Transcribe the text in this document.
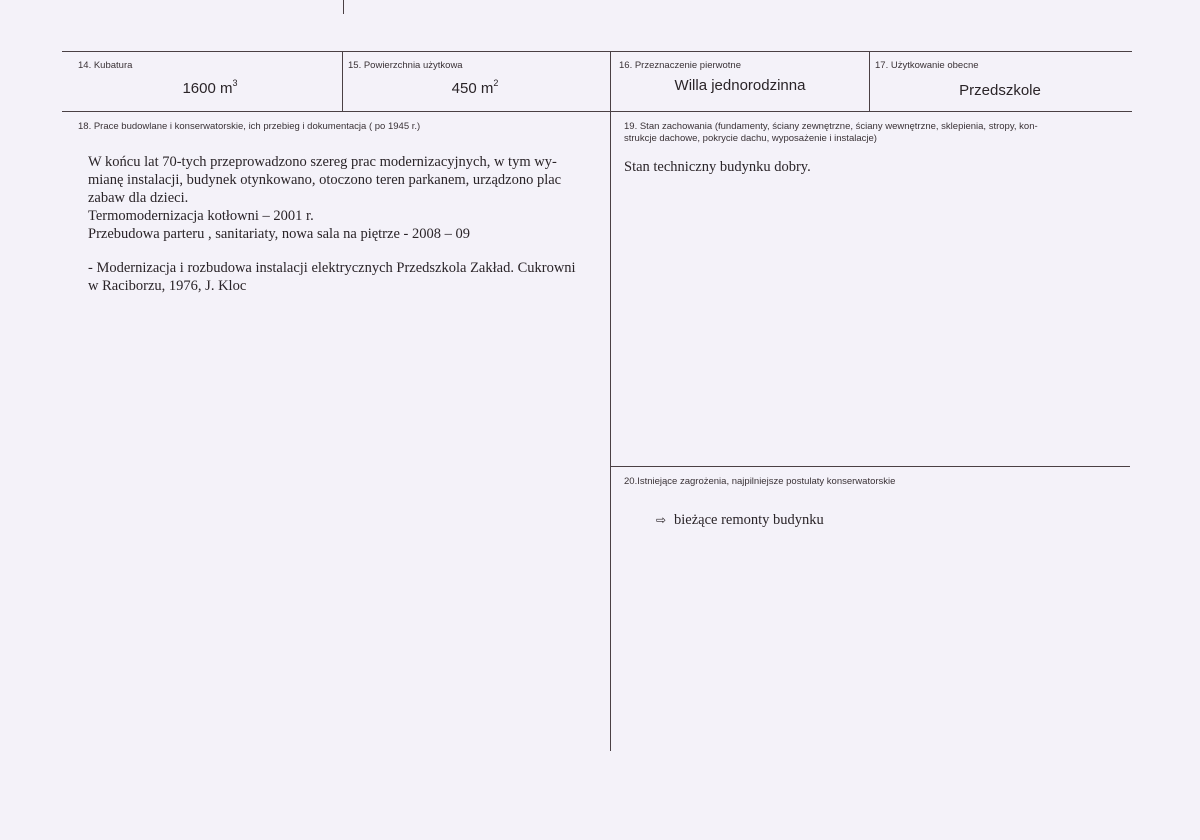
14. Kubatura
1600 $m^3$
15. Powierzchnia użytkowa
450 $m^2$
16. Przeznaczenie pierwotne
Willa jednorodzinna
17. Użytkowanie obecne
Przedszkole
18. Prace budowlane i konserwatorskie, ich przebieg i dokumentacja ( po 1945 r.)

W końcu lat 70-tych przeprowadzono szereg prac modernizacyjnych, w tym wy-

mianę instalacji, budynek otynkowano, otoczono teren parkanem, urządzono plac

zabaw dla dzieci.

Termomodernizacja kotłowni – 2001 r.

Przebudowa parteru , sanitariaty, nowa sala na piętrze - 2008 – 09

- Modernizacja i rozbudowa instalacji elektrycznych Przedszkola Zakład. Cukrowni

w Raciborzu, 1976, J. Kloc

19. Stan zachowania (fundamenty, ściany zewnętrzne, ściany wewnętrzne, sklepienia, stropy, kon-
strukcje dachowe, pokrycie dachu, wyposażenie i instalacje)
Stan techniczny budynku dobry.
20.Istniejące zagrożenia, najpilniejsze postulaty konserwatorskie
⇨ bieżące remonty budynku
